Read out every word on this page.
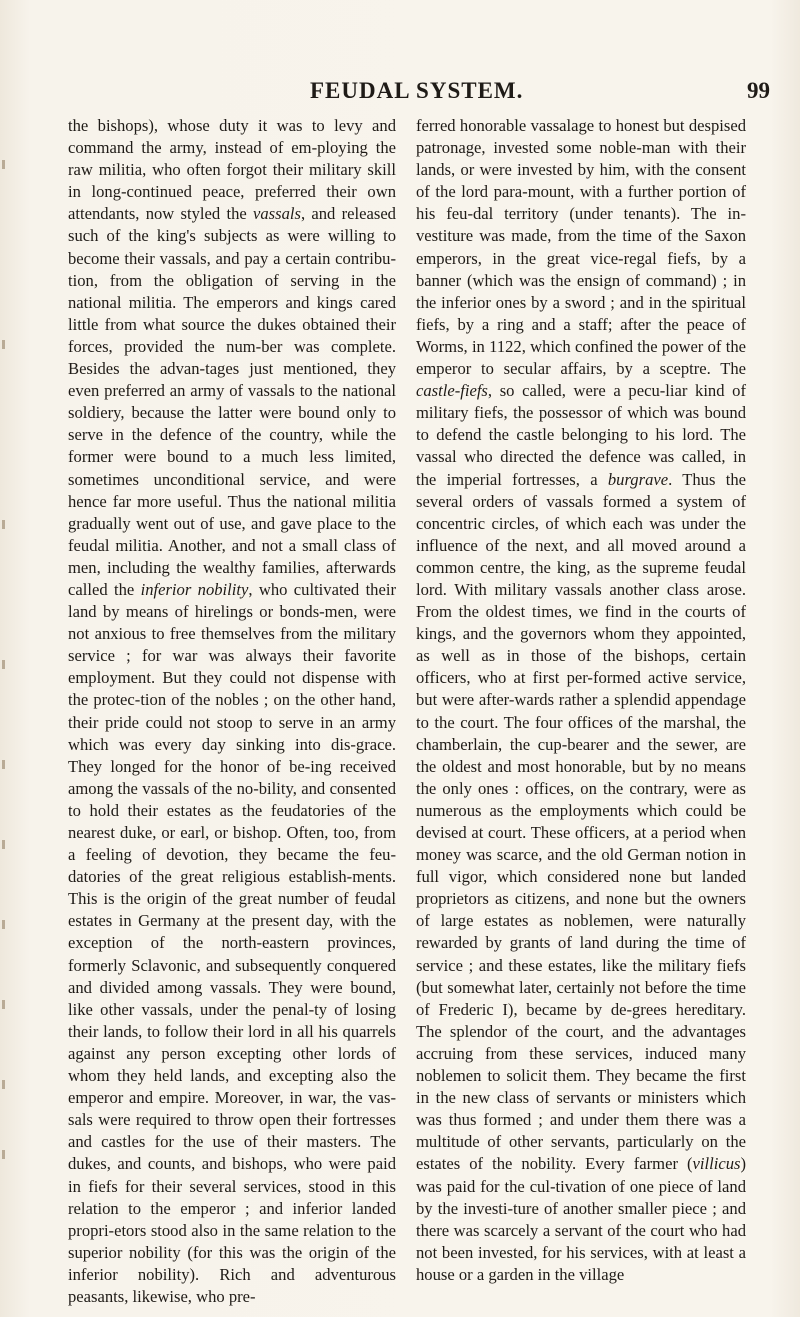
FEUDAL SYSTEM.	99

the bishops), whose duty it was to levy and command the army, instead of em-ploying the raw militia, who often forgot their military skill in long-continued peace, preferred their own attendants, now styled the vassals, and released such of the king's subjects as were willing to become their vassals, and pay a certain contribu-tion, from the obligation of serving in the national militia. The emperors and kings cared little from what source the dukes obtained their forces, provided the num-ber was complete. Besides the advan-tages just mentioned, they even preferred an army of vassals to the national soldiery, because the latter were bound only to serve in the defence of the country, while the former were bound to a much less limited, sometimes unconditional service, and were hence far more useful. Thus the national militia gradually went out of use, and gave place to the feudal militia. Another, and not a small class of men, including the wealthy families, afterwards called the inferior nobility, who cultivated their land by means of hirelings or bonds-men, were not anxious to free themselves from the military service ; for war was always their favorite employment. But they could not dispense with the protec-tion of the nobles ; on the other hand, their pride could not stoop to serve in an army which was every day sinking into dis-grace. They longed for the honor of be-ing received among the vassals of the no-bility, and consented to hold their estates as the feudatories of the nearest duke, or earl, or bishop. Often, too, from a feeling of devotion, they became the feu-datories of the great religious establish-ments. This is the origin of the great number of feudal estates in Germany at the present day, with the exception of the north-eastern provinces, formerly Sclavonic, and subsequently conquered and divided among vassals. They were bound, like other vassals, under the penal-ty of losing their lands, to follow their lord in all his quarrels against any person excepting other lords of whom they held lands, and excepting also the emperor and empire. Moreover, in war, the vas-sals were required to throw open their fortresses and castles for the use of their masters. The dukes, and counts, and bishops, who were paid in fiefs for their several services, stood in this relation to the emperor ; and inferior landed propri-etors stood also in the same relation to the superior nobility (for this was the origin of the inferior nobility). Rich and adventurous peasants, likewise, who pre-

ferred honorable vassalage to honest but despised patronage, invested some noble-man with their lands, or were invested by him, with the consent of the lord para-mount, with a further portion of his feu-dal territory (under tenants). The in-vestiture was made, from the time of the Saxon emperors, in the great vice-regal fiefs, by a banner (which was the ensign of command) ; in the inferior ones by a sword ; and in the spiritual fiefs, by a ring and a staff; after the peace of Worms, in 1122, which confined the power of the emperor to secular affairs, by a sceptre. The castle-fiefs, so called, were a pecu-liar kind of military fiefs, the possessor of which was bound to defend the castle belonging to his lord. The vassal who directed the defence was called, in the imperial fortresses, a burgrave. Thus the several orders of vassals formed a system of concentric circles, of which each was under the influence of the next, and all moved around a common centre, the king, as the supreme feudal lord. With military vassals another class arose. From the oldest times, we find in the courts of kings, and the governors whom they appointed, as well as in those of the bishops, certain officers, who at first per-formed active service, but were after-wards rather a splendid appendage to the court. The four offices of the marshal, the chamberlain, the cup-bearer and the sewer, are the oldest and most honorable, but by no means the only ones : offices, on the contrary, were as numerous as the employments which could be devised at court. These officers, at a period when money was scarce, and the old German notion in full vigor, which considered none but landed proprietors as citizens, and none but the owners of large estates as noblemen, were naturally rewarded by grants of land during the time of service ; and these estates, like the military fiefs (but somewhat later, certainly not before the time of Frederic I), became by de-grees hereditary. The splendor of the court, and the advantages accruing from these services, induced many noblemen to solicit them. They became the first in the new class of servants or ministers which was thus formed ; and under them there was a multitude of other servants, particularly on the estates of the nobility. Every farmer (villicus) was paid for the cul-tivation of one piece of land by the investi-ture of another smaller piece ; and there was scarcely a servant of the court who had not been invested, for his services, with at least a house or a garden in the village
